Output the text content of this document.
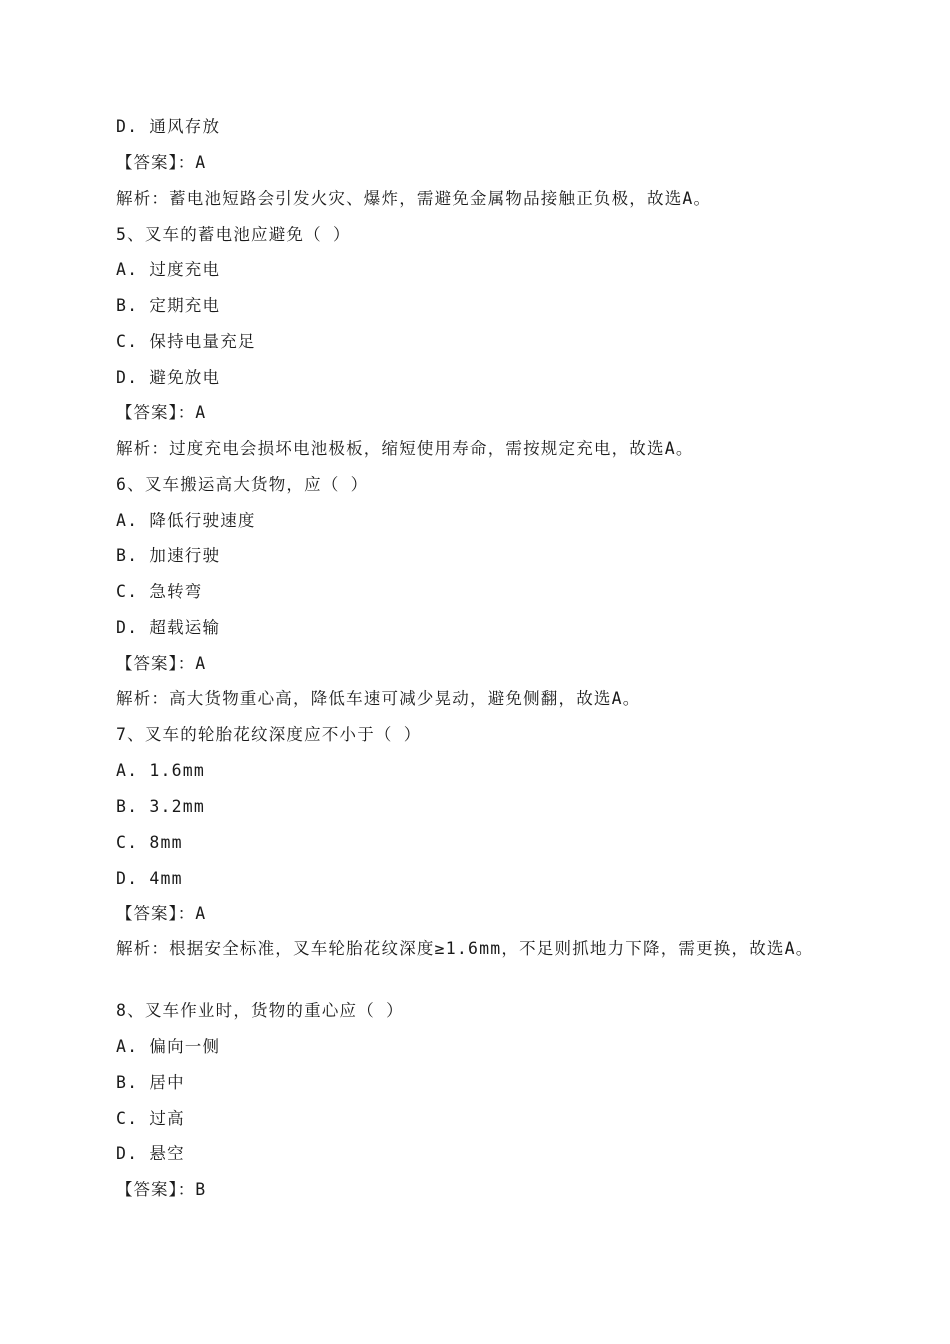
D. 通风存放
【答案】：A
解析：蓄电池短路会引发火灾、爆炸，需避免金属物品接触正负极，故选A。
5、叉车的蓄电池应避免（ ）
A. 过度充电
B. 定期充电
C. 保持电量充足
D. 避免放电
【答案】：A
解析：过度充电会损坏电池极板，缩短使用寿命，需按规定充电，故选A。
6、叉车搬运高大货物，应（ ）
A. 降低行驶速度
B. 加速行驶
C. 急转弯
D. 超载运输
【答案】：A
解析：高大货物重心高，降低车速可减少晃动，避免侧翻，故选A。
7、叉车的轮胎花纹深度应不小于（ ）
A. 1.6mm
B. 3.2mm
C. 8mm
D. 4mm
【答案】：A
解析：根据安全标准，叉车轮胎花纹深度≥1.6mm，不足则抓地力下降，需更换，故选A。
8、叉车作业时，货物的重心应（ ）
A. 偏向一侧
B. 居中
C. 过高
D. 悬空
【答案】：B
